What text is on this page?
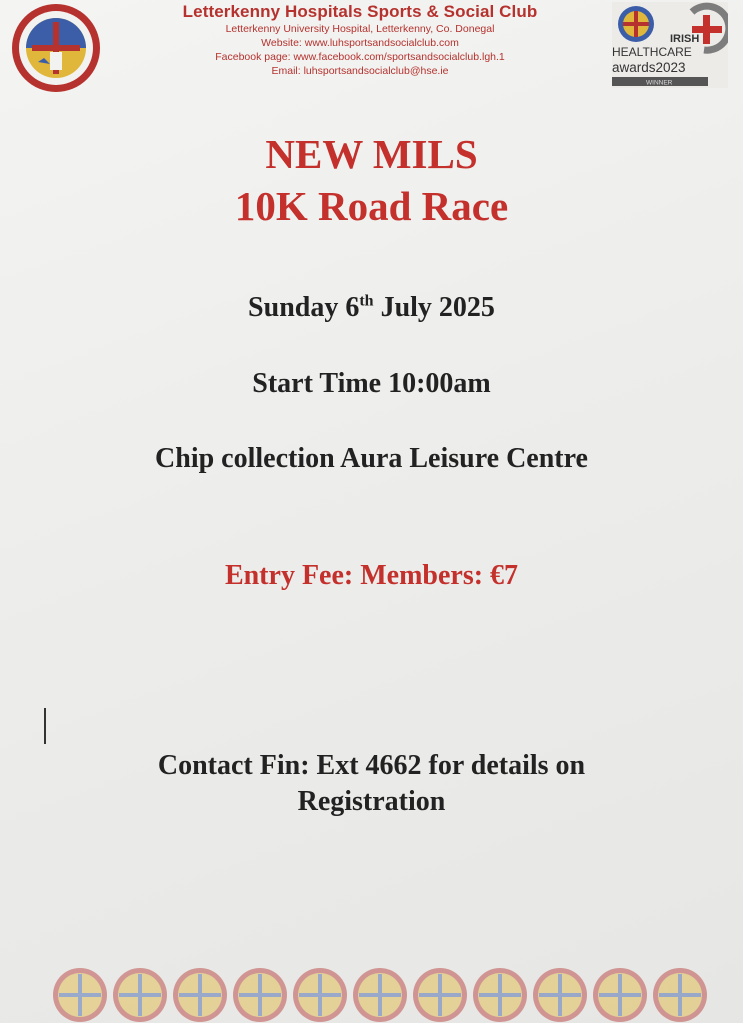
Letterkenny Hospitals Sports & Social Club
Letterkenny University Hospital, Letterkenny, Co. Donegal
Website: www.luhsportsandsocialclub.com
Facebook page: www.facebook.com/sportsandsocialclub.lgh.1
Email: luhsportsandsocialclub@hse.ie
IRISH
HEALTHCARE
awards2023
WINNER
NEW MILS
10K Road Race
Sunday 6th July 2025
Start Time 10:00am
Chip collection Aura Leisure Centre
Entry Fee: Members: €7
Contact Fin: Ext 4662 for details on
Registration
